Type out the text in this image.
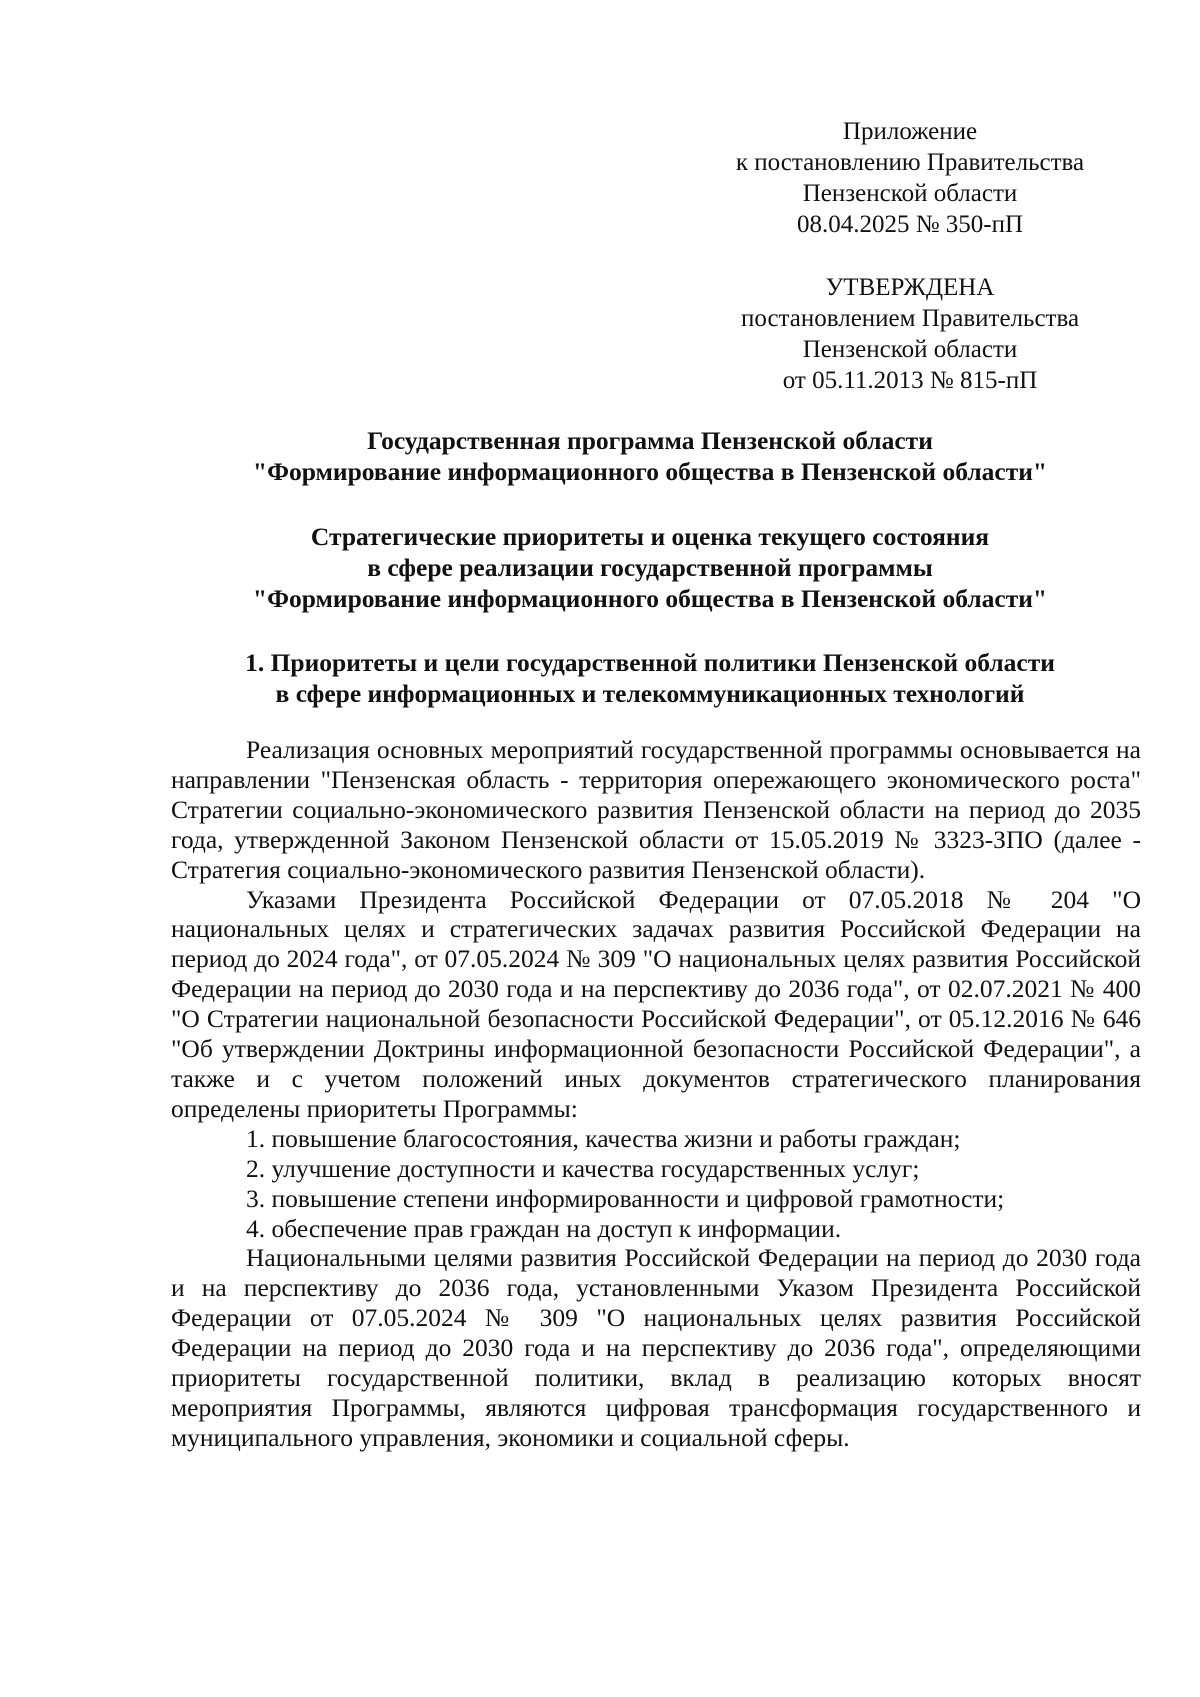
Приложение
к постановлению Правительства
Пензенской области
08.04.2025 № 350-пП
УТВЕРЖДЕНА
постановлением Правительства
Пензенской области
от 05.11.2013 № 815-пП
Государственная программа Пензенской области
"Формирование информационного общества в Пензенской области"
Стратегические приоритеты и оценка текущего состояния
в сфере реализации государственной программы
"Формирование информационного общества в Пензенской области"
1. Приоритеты и цели государственной политики Пензенской области
в сфере информационных и телекоммуникационных технологий

Реализация основных мероприятий государственной программы основывается на направлении "Пензенская область - территория опережающего экономического роста" Стратегии социально-экономического развития Пензенской области на период до 2035 года, утвержденной Законом Пензенской области от 15.05.2019 № 3323-ЗПО (далее - Стратегия социально-экономического развития Пензенской области).

Указами Президента Российской Федерации от 07.05.2018 № 204 "О национальных целях и стратегических задачах развития Российской Федерации на период до 2024 года", от 07.05.2024 № 309 "О национальных целях развития Российской Федерации на период до 2030 года и на перспективу до 2036 года", от 02.07.2021 № 400 "О Стратегии национальной безопасности Российской Федерации", от 05.12.2016 № 646 "Об утверждении Доктрины информационной безопасности Российской Федерации", а также и с учетом положений иных документов стратегического планирования определены приоритеты Программы:

1. повышение благосостояния, качества жизни и работы граждан;

2. улучшение доступности и качества государственных услуг;

3. повышение степени информированности и цифровой грамотности;

4. обеспечение прав граждан на доступ к информации.

Национальными целями развития Российской Федерации на период до 2030 года и на перспективу до 2036 года, установленными Указом Президента Российской Федерации от 07.05.2024 № 309 "О национальных целях развития Российской Федерации на период до 2030 года и на перспективу до 2036 года", определяющими приоритеты государственной политики, вклад в реализацию которых вносят мероприятия Программы, являются цифровая трансформация государственного и муниципального управления, экономики и социальной сферы.
